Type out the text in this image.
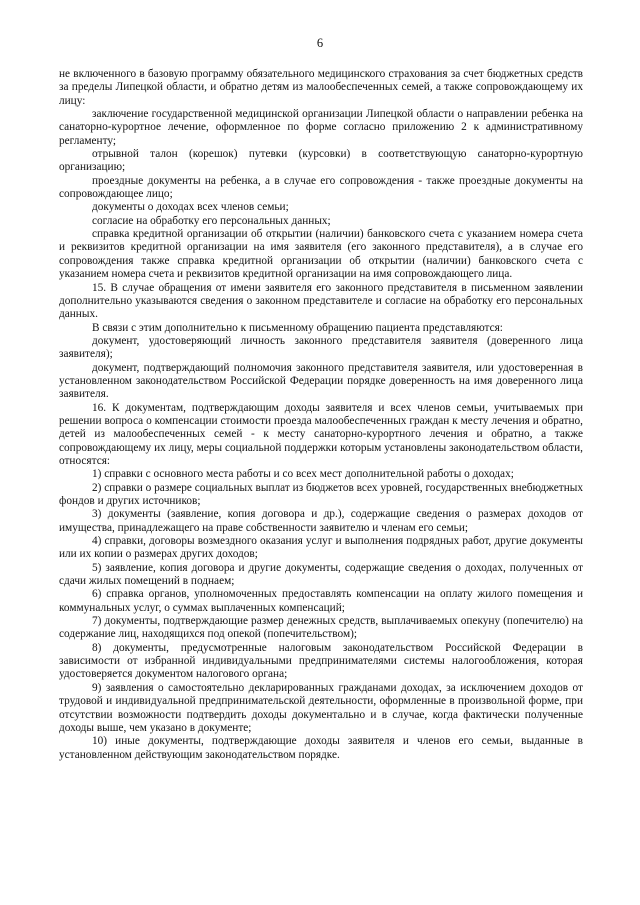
6

не включенного в базовую программу обязательного медицинского страхования за счет бюджетных средств за пределы Липецкой области, и обратно детям из малообеспеченных семей, а также сопровождающему их лицу:

заключение государственной медицинской организации Липецкой области о направлении ребенка на санаторно-курортное лечение, оформленное по форме согласно приложению 2 к административному регламенту;

отрывной талон (корешок) путевки (курсовки) в соответствующую санаторно-курортную организацию;

проездные документы на ребенка, а в случае его сопровождения - также проездные документы на сопровождающее лицо;

документы о доходах всех членов семьи;

согласие на обработку его персональных данных;

справка кредитной организации об открытии (наличии) банковского счета с указанием номера счета и реквизитов кредитной организации на имя заявителя (его законного представителя), а в случае его сопровождения также справка кредитной организации об открытии (наличии) банковского счета с указанием номера счета и реквизитов кредитной организации на имя сопровождающего лица.

15. В случае обращения от имени заявителя его законного представителя в письменном заявлении дополнительно указываются сведения о законном представителе и согласие на обработку его персональных данных.

В связи с этим дополнительно к письменному обращению пациента представляются:

документ, удостоверяющий личность законного представителя заявителя (доверенного лица заявителя);

документ, подтверждающий полномочия законного представителя заявителя, или удостоверенная в установленном законодательством Российской Федерации порядке доверенность на имя доверенного лица заявителя.

16. К документам, подтверждающим доходы заявителя и всех членов семьи, учитываемых при решении вопроса о компенсации стоимости проезда малообеспеченных граждан к месту лечения и обратно, детей из малообеспеченных семей - к месту санаторно-курортного лечения и обратно, а также сопровождающему их лицу, меры социальной поддержки которым установлены законодательством области, относятся:

1) справки с основного места работы и со всех мест дополнительной работы о доходах;

2) справки о размере социальных выплат из бюджетов всех уровней, государственных внебюджетных фондов и других источников;

3) документы (заявление, копия договора и др.), содержащие сведения о размерах доходов от имущества, принадлежащего на праве собственности заявителю и членам его семьи;

4) справки, договоры возмездного оказания услуг и выполнения подрядных работ, другие документы или их копии о размерах других доходов;

5) заявление, копия договора и другие документы, содержащие сведения о доходах, полученных от сдачи жилых помещений в поднаем;

6) справка органов, уполномоченных предоставлять компенсации на оплату жилого помещения и коммунальных услуг, о суммах выплаченных компенсаций;

7) документы, подтверждающие размер денежных средств, выплачиваемых опекуну (попечителю) на содержание лиц, находящихся под опекой (попечительством);

8) документы, предусмотренные налоговым законодательством Российской Федерации в зависимости от избранной индивидуальными предпринимателями системы налогообложения, которая удостоверяется документом налогового органа;

9) заявления о самостоятельно декларированных гражданами доходах, за исключением доходов от трудовой и индивидуальной предпринимательской деятельности, оформленные в произвольной форме, при отсутствии возможности подтвердить доходы документально и в случае, когда фактически полученные доходы выше, чем указано в документе;

10) иные документы, подтверждающие доходы заявителя и членов его семьи, выданные в установленном действующим законодательством порядке.
